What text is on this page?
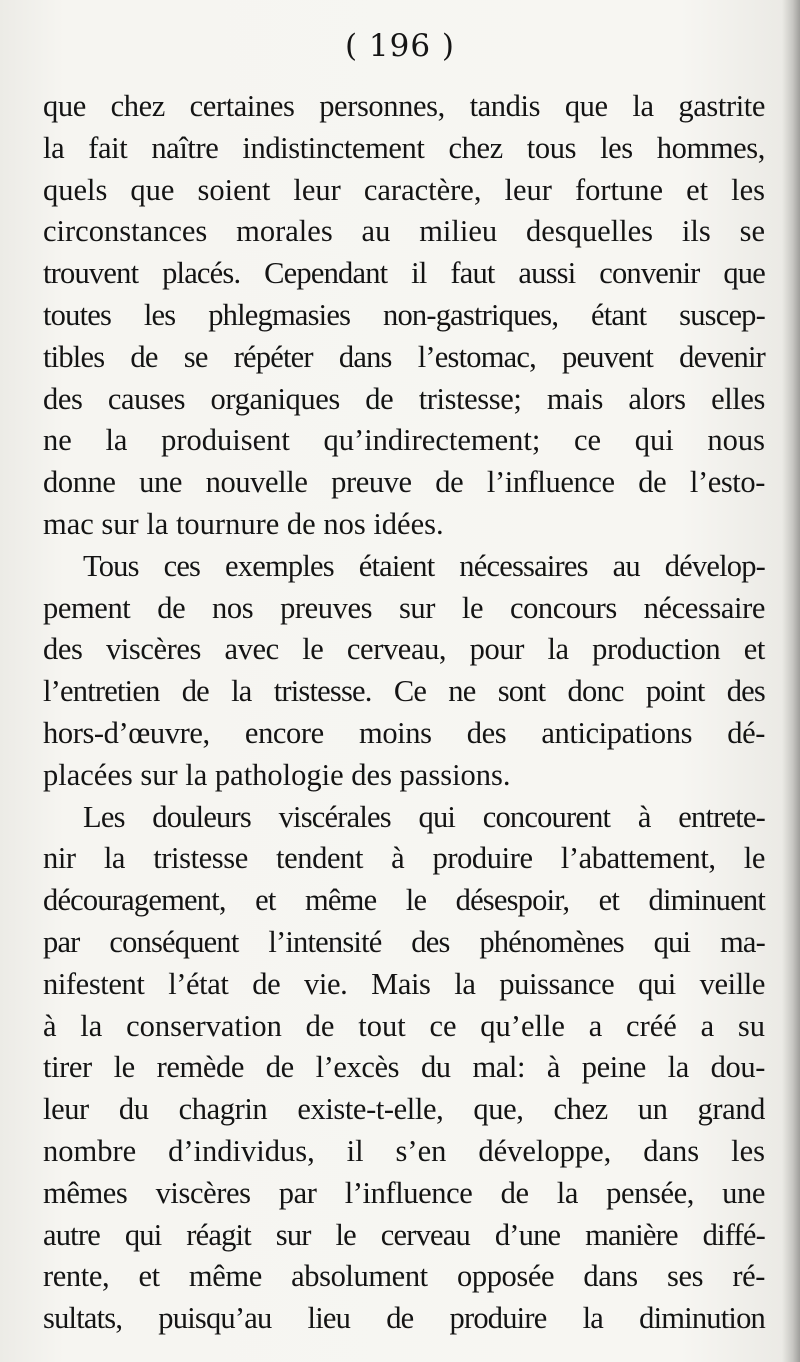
( 196 )
que chez certaines personnes, tandis que la gastrite
la fait naître indistinctement chez tous les hommes,
quels que soient leur caractère, leur fortune et les
circonstances morales au milieu desquelles ils se
trouvent placés. Cependant il faut aussi convenir que
toutes les phlegmasies non-gastriques, étant suscep-
tibles de se répéter dans l’estomac, peuvent devenir
des causes organiques de tristesse; mais alors elles
ne la produisent qu’indirectement; ce qui nous
donne une nouvelle preuve de l’influence de l’esto-
mac sur la tournure de nos idées.
Tous ces exemples étaient nécessaires au dévelop-
pement de nos preuves sur le concours nécessaire
des viscères avec le cerveau, pour la production et
l’entretien de la tristesse. Ce ne sont donc point des
hors-d’œuvre, encore moins des anticipations dé-
placées sur la pathologie des passions.
Les douleurs viscérales qui concourent à entrete-
nir la tristesse tendent à produire l’abattement, le
découragement, et même le désespoir, et diminuent
par conséquent l’intensité des phénomènes qui ma-
nifestent l’état de vie. Mais la puissance qui veille
à la conservation de tout ce qu’elle a créé a su
tirer le remède de l’excès du mal: à peine la dou-
leur du chagrin existe-t-elle, que, chez un grand
nombre d’individus, il s’en développe, dans les
mêmes viscères par l’influence de la pensée, une
autre qui réagit sur le cerveau d’une manière diffé-
rente, et même absolument opposée dans ses ré-
sultats, puisqu’au lieu de produire la diminution
